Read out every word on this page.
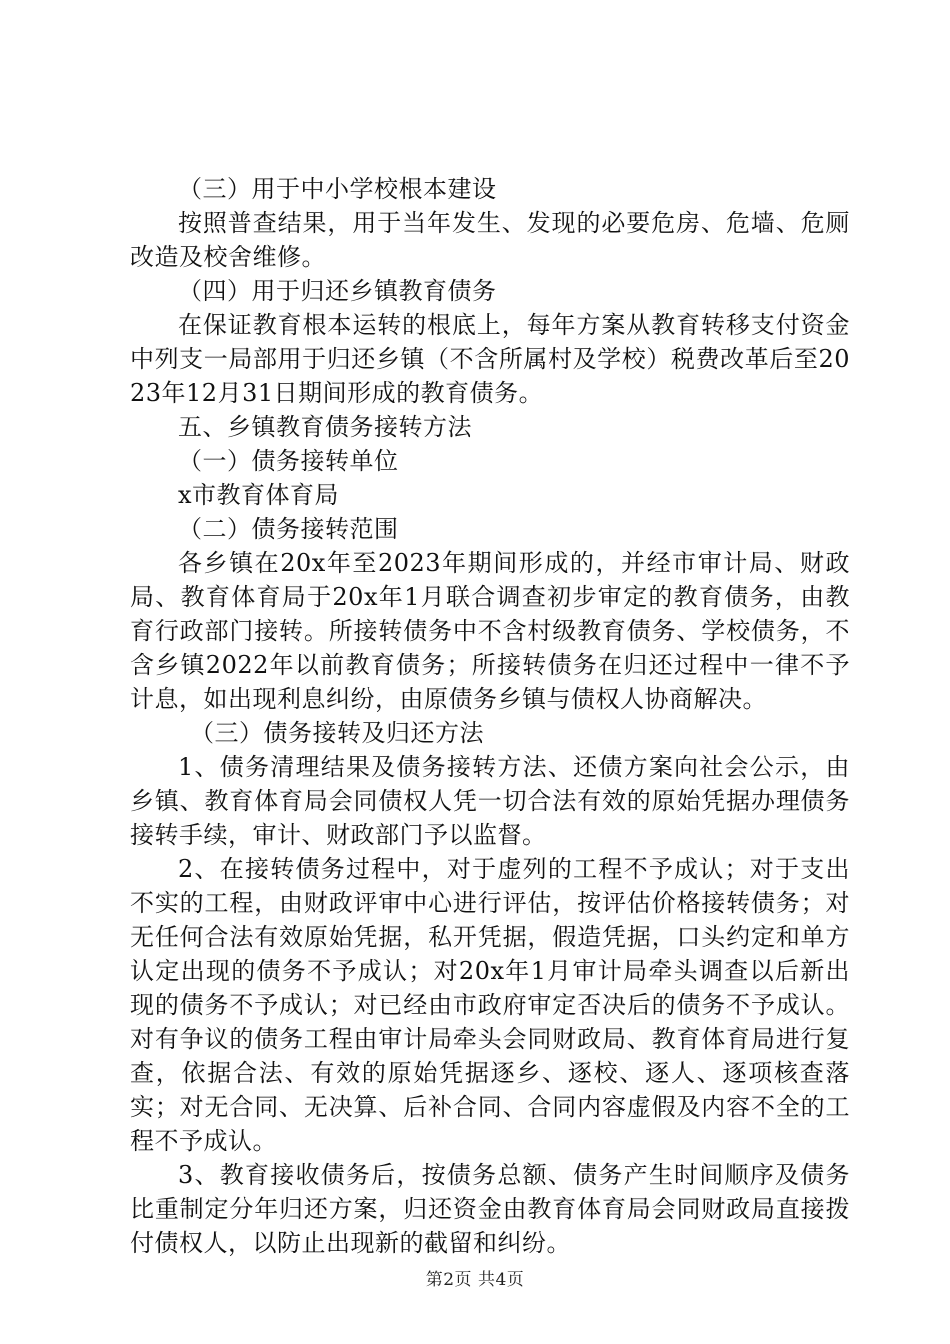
（三）用于中小学校根本建设

按照普查结果，用于当年发生、发现的必要危房、危墙、危厕改造及校舍维修。

（四）用于归还乡镇教育债务

在保证教育根本运转的根底上，每年方案从教育转移支付资金中列支一局部用于归还乡镇（不含所属村及学校）税费改革后至2023年12月31日期间形成的教育债务。

五、乡镇教育债务接转方法

（一）债务接转单位

x市教育体育局

（二）债务接转范围

各乡镇在20x年至2023年期间形成的，并经市审计局、财政局、教育体育局于20x年1月联合调查初步审定的教育债务，由教育行政部门接转。所接转债务中不含村级教育债务、学校债务，不含乡镇2022年以前教育债务；所接转债务在归还过程中一律不予计息，如出现利息纠纷，由原债务乡镇与债权人协商解决。

（三）债务接转及归还方法

1、债务清理结果及债务接转方法、还债方案向社会公示，由乡镇、教育体育局会同债权人凭一切合法有效的原始凭据办理债务接转手续，审计、财政部门予以监督。

2、在接转债务过程中，对于虚列的工程不予成认；对于支出不实的工程，由财政评审中心进行评估，按评估价格接转债务；对无任何合法有效原始凭据，私开凭据，假造凭据，口头约定和单方认定出现的债务不予成认；对20x年1月审计局牵头调查以后新出现的债务不予成认；对已经由市政府审定否决后的债务不予成认。对有争议的债务工程由审计局牵头会同财政局、教育体育局进行复查，依据合法、有效的原始凭据逐乡、逐校、逐人、逐项核查落实；对无合同、无决算、后补合同、合同内容虚假及内容不全的工程不予成认。

3、教育接收债务后，按债务总额、债务产生时间顺序及债务比重制定分年归还方案，归还资金由教育体育局会同财政局直接拨付债权人，以防止出现新的截留和纠纷。

第2页 共4页
